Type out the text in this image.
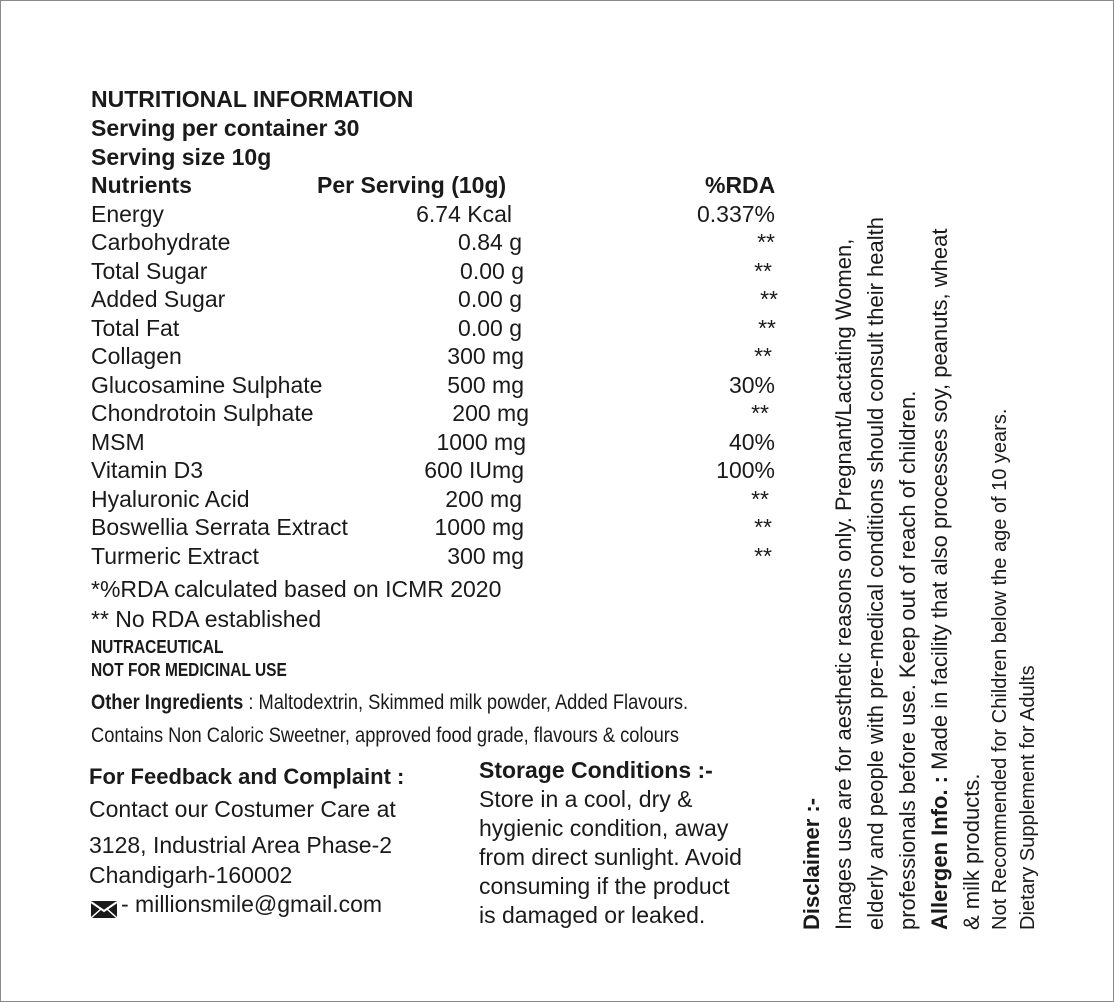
NUTRITIONAL INFORMATION
Serving per container 30
Serving size 10g
Nutrients	Per Serving (10g)	%RDA
Energy	6.74 Kcal	0.337%
Carbohydrate	0.84 g	**
Total Sugar	0.00 g	**
Added Sugar	0.00 g	**
Total Fat	0.00 g	**
Collagen	300 mg	**
Glucosamine Sulphate	500 mg	30%
Chondrotoin Sulphate	200 mg	**
MSM	1000 mg	40%
Vitamin D3	600 IUmg	100%
Hyaluronic Acid	200 mg	**
Boswellia Serrata Extract	1000 mg	**
Turmeric Extract	300 mg	**
*%RDA calculated based on ICMR 2020
** No RDA established
NUTRACEUTICAL
NOT FOR MEDICINAL USE
Other Ingredients : Maltodextrin, Skimmed milk powder, Added Flavours.
Contains Non Caloric Sweetner, approved food grade, flavours & colours
For Feedback and Complaint :
Contact our Costumer Care at
3128, Industrial Area Phase-2
Chandigarh-160002
- millionsmile@gmail.com
Storage Conditions :-
Store in a cool, dry &
hygienic condition, away
from direct sunlight. Avoid
consuming if the product
is damaged or leaked.	Disclaimer :- Images use are for aesthetic reasons only. Pregnant/Lactating Women, elderly and people with pre-medical conditions should consult their health professionals before use. Keep out of reach of children. Allergen Info. : Made in facility that also processes soy, peanuts, wheat
& milk products. Not Recommended for Children below the age of 10 years. Dietary Supplement for Adults
